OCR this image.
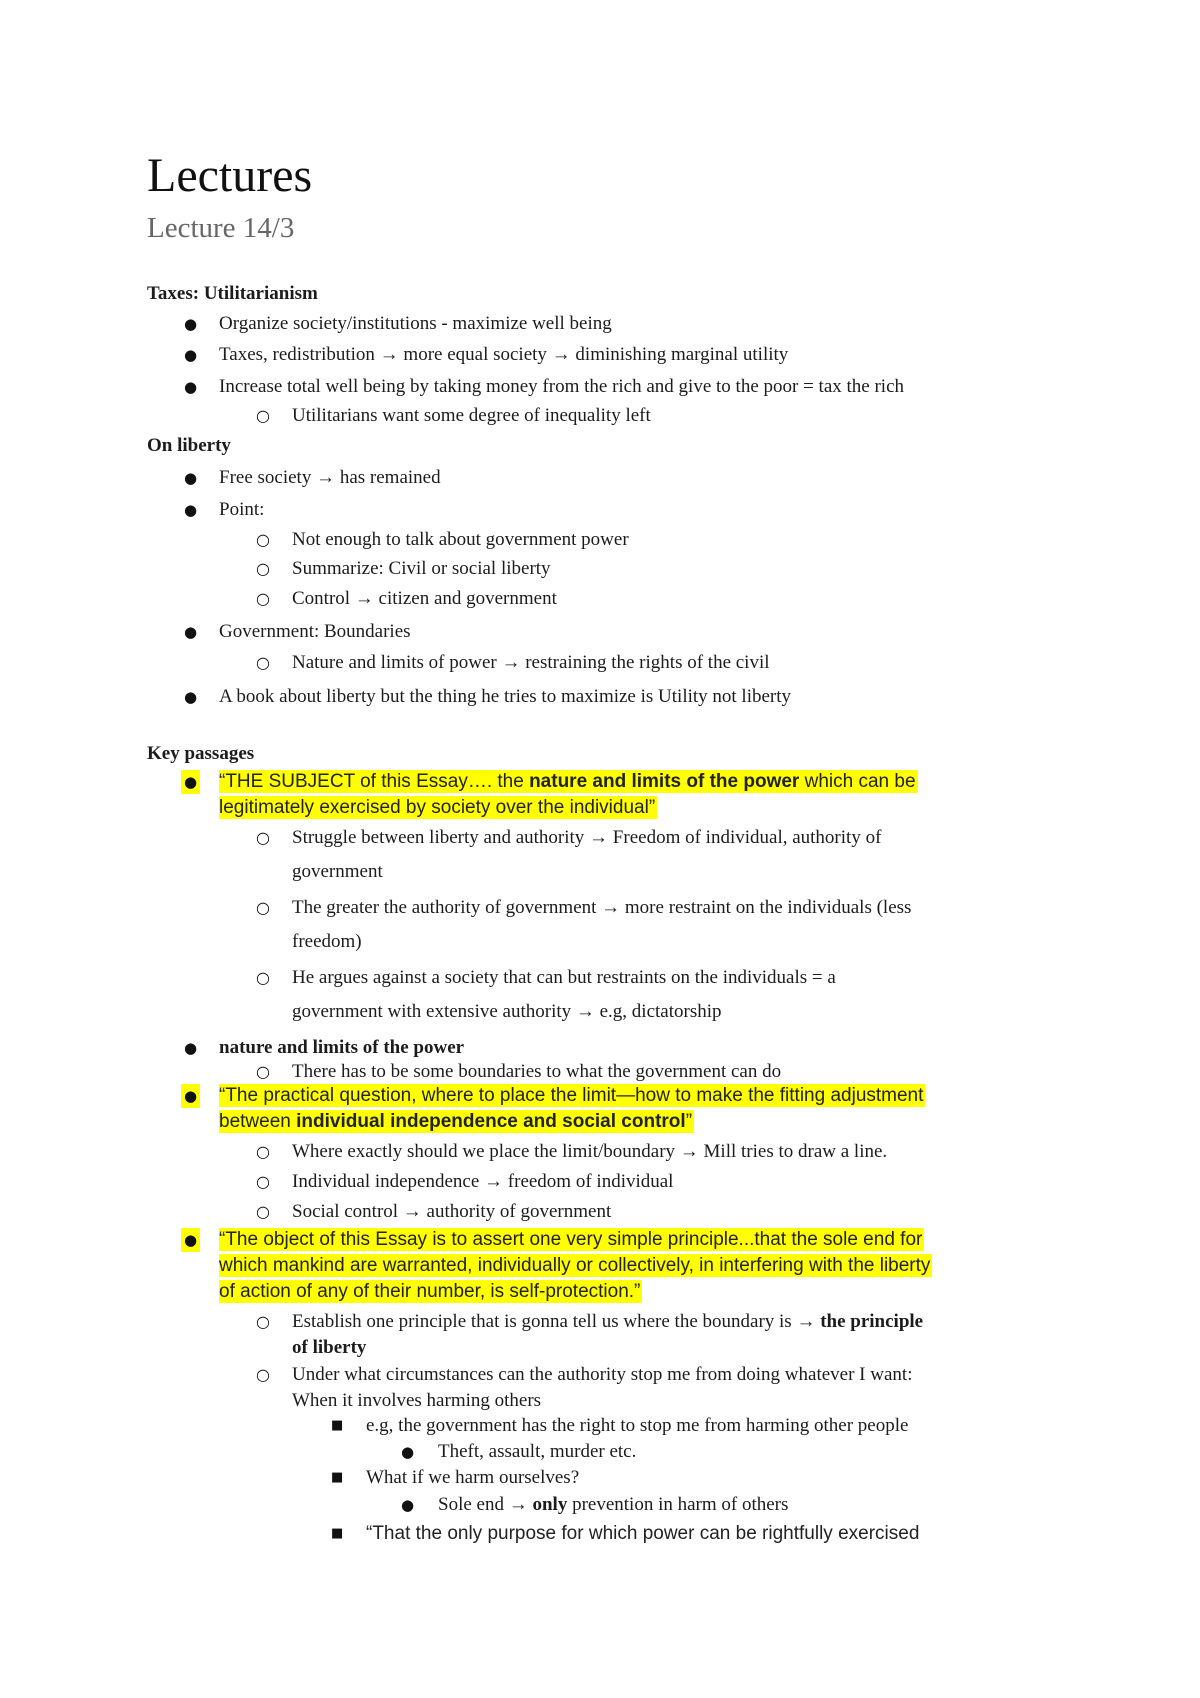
Lectures
Lecture 14/3
Taxes: Utilitarianism
● Organize society/institutions - maximize well being
● Taxes, redistribution → more equal society → diminishing marginal utility
● Increase total well being by taking money from the rich and give to the poor = tax the rich
○ Utilitarians want some degree of inequality left
On liberty
● Free society → has remained
● Point:
○ Not enough to talk about government power
○ Summarize: Civil or social liberty
○ Control → citizen and government
● Government: Boundaries
○ Nature and limits of power → restraining the rights of the civil
● A book about liberty but the thing he tries to maximize is Utility not liberty
Key passages
● “THE SUBJECT of this Essay…. the nature and limits of the power which can be
legitimately exercised by society over the individual”
○ Struggle between liberty and authority → Freedom of individual, authority of
government
○ The greater the authority of government → more restraint on the individuals (less
freedom)
○ He argues against a society that can but restraints on the individuals = a
government with extensive authority → e.g, dictatorship
● nature and limits of the power
○ There has to be some boundaries to what the government can do
● “The practical question, where to place the limit—how to make the fitting adjustment
between individual independence and social control”
○ Where exactly should we place the limit/boundary → Mill tries to draw a line.
○ Individual independence → freedom of individual
○ Social control → authority of government
● “The object of this Essay is to assert one very simple principle...that the sole end for
which mankind are warranted, individually or collectively, in interfering with the liberty
of action of any of their number, is self-protection.”
○ Establish one principle that is gonna tell us where the boundary is → the principle
of liberty
○ Under what circumstances can the authority stop me from doing whatever I want:
When it involves harming others
■ e.g, the government has the right to stop me from harming other people
● Theft, assault, murder etc.
■ What if we harm ourselves?
● Sole end → only prevention in harm of others
■ “That the only purpose for which power can be rightfully exercised
